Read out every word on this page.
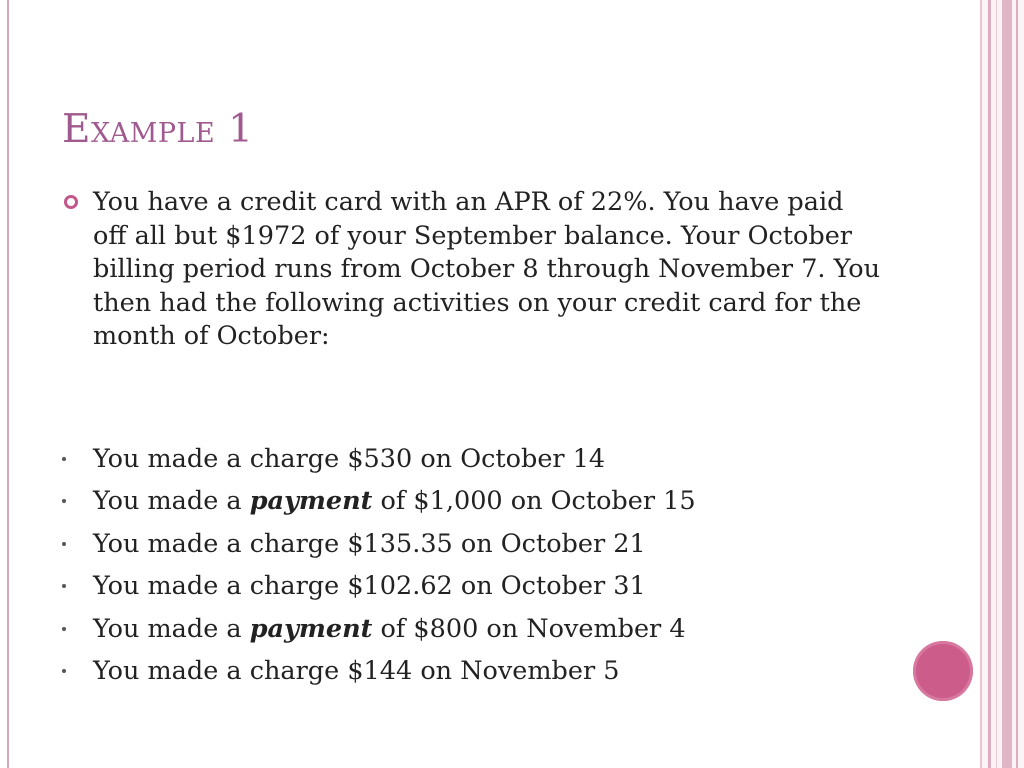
Example 1

You have a credit card with an APR of 22%. You have paid off all but $1972 of your September balance. Your October billing period runs from October 8 through November 7. You then had the following activities on your credit card for the month of October:

You made a charge $530 on October 14
You made a payment of $1,000 on October 15
You made a charge $135.35 on October 21
You made a charge $102.62 on October 31
You made a payment of $800 on November 4
You made a charge $144 on November 5
